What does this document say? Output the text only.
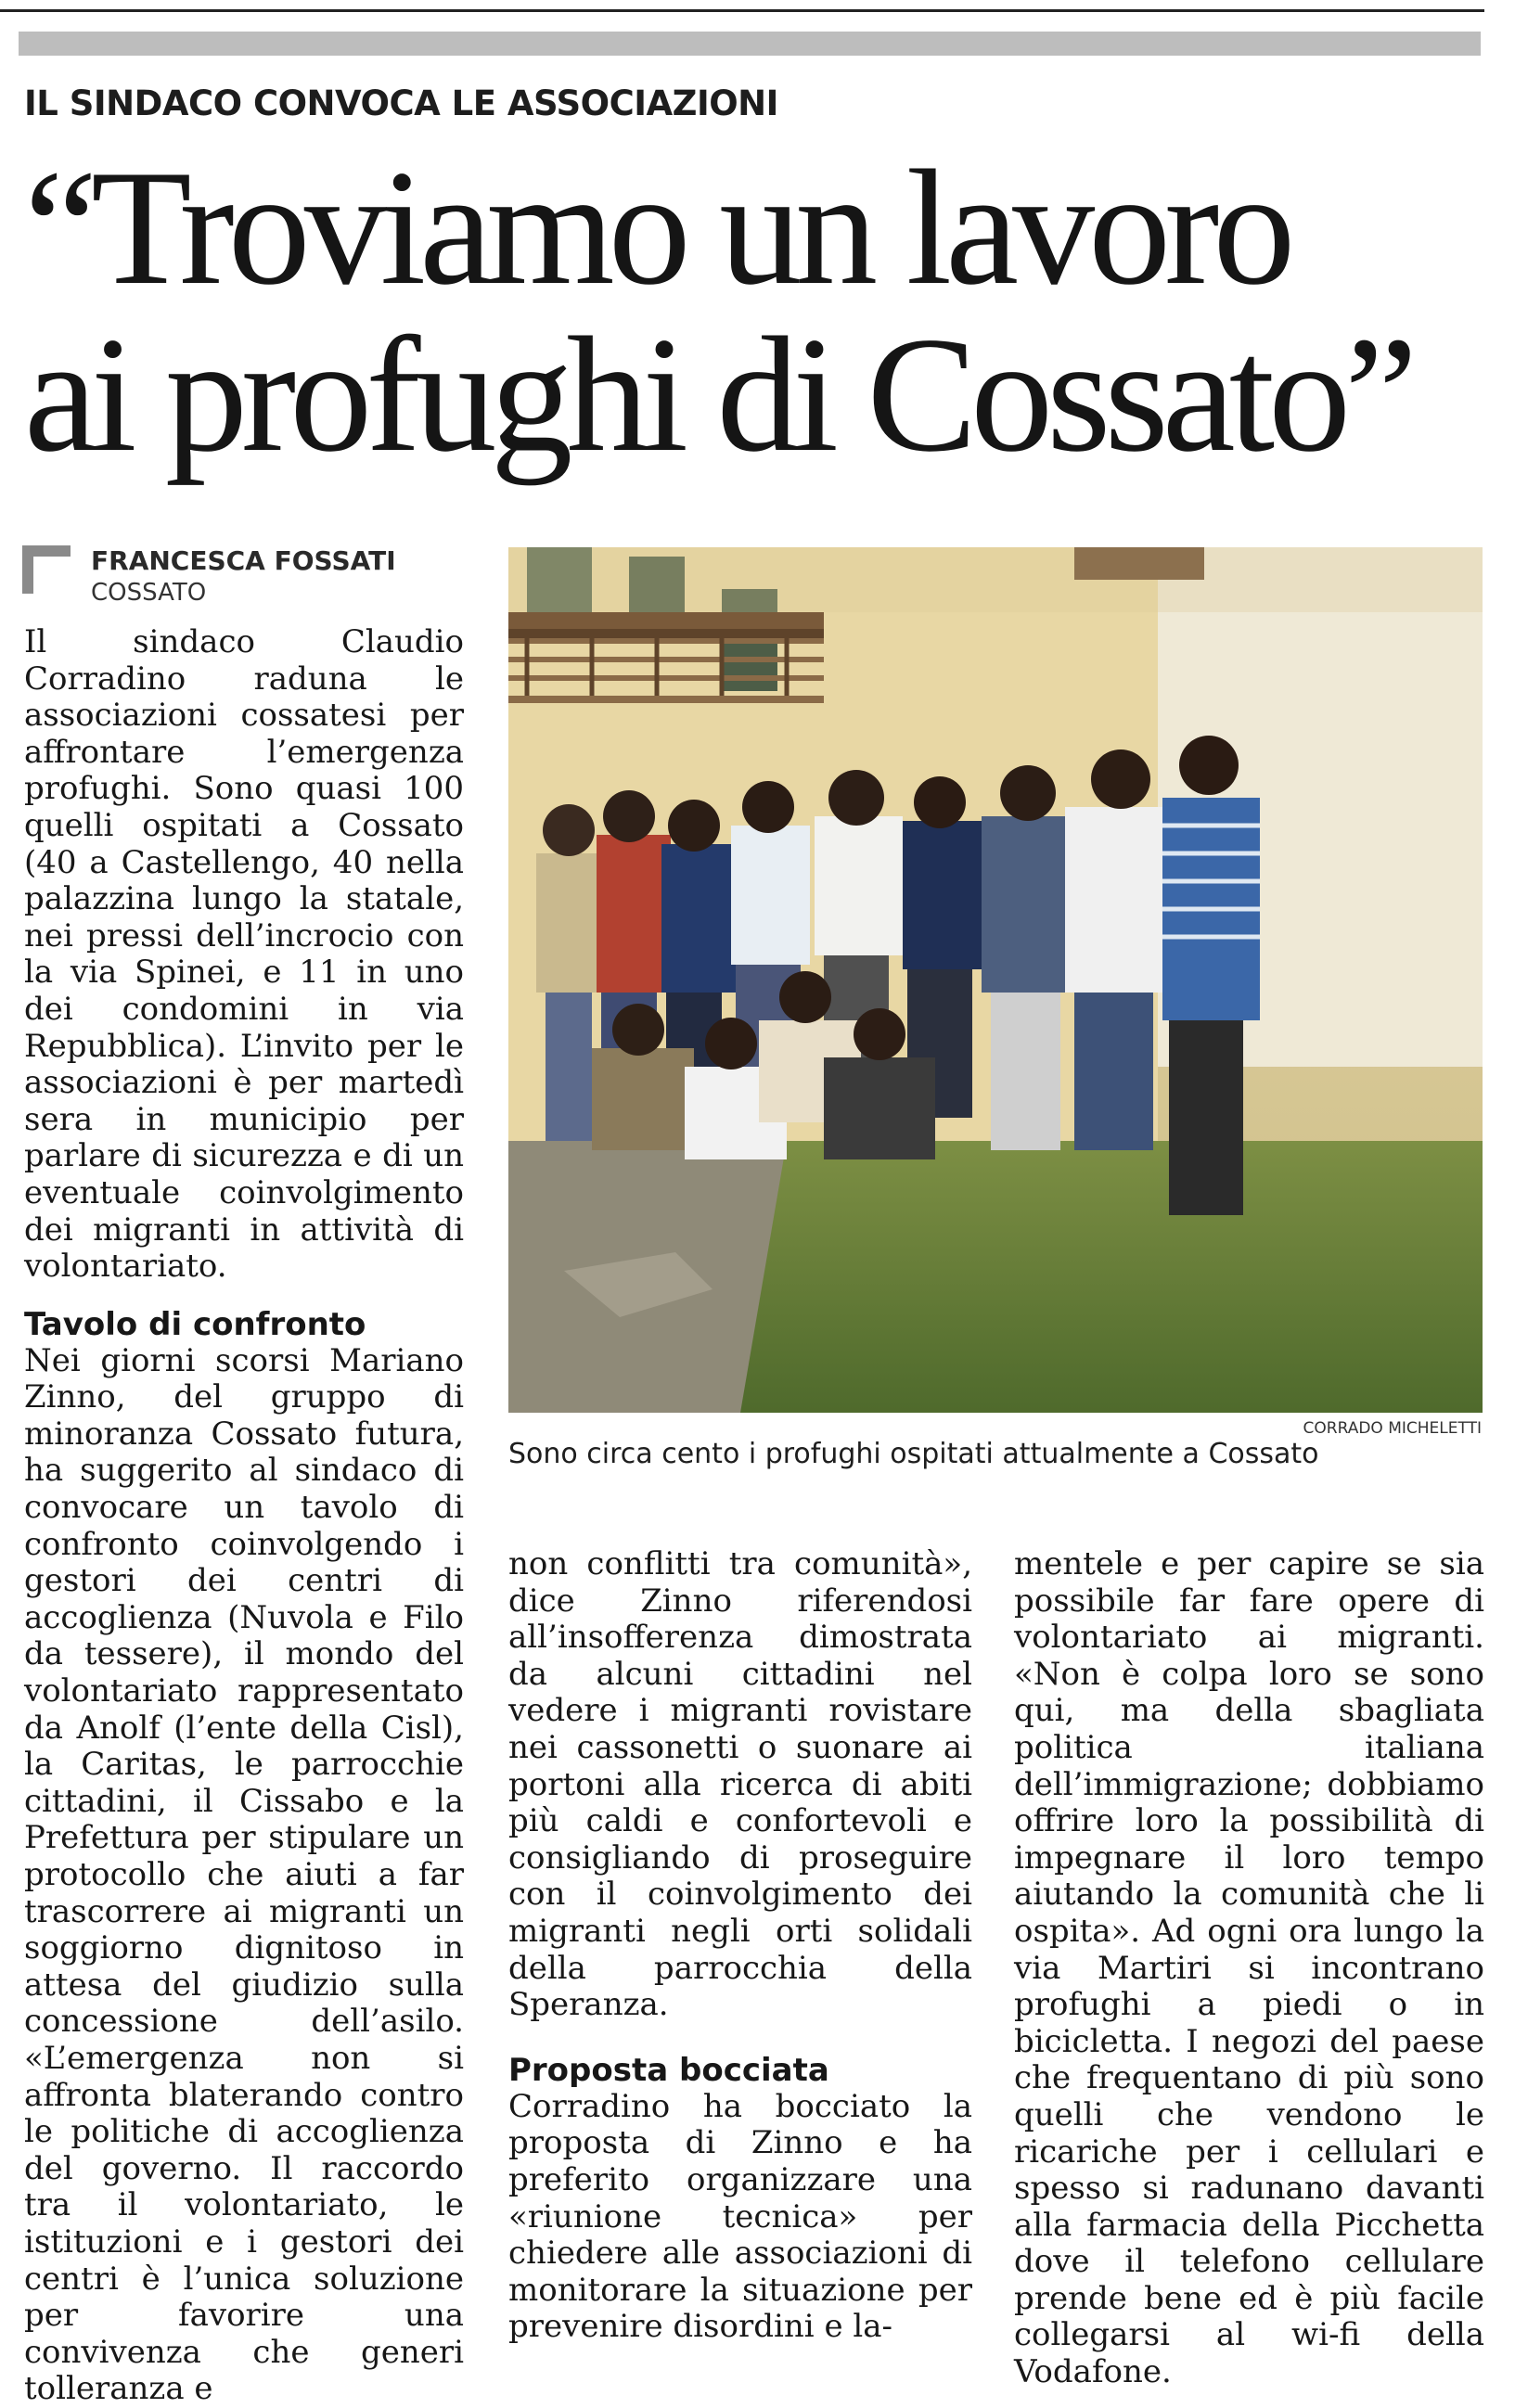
IL SINDACO CONVOCA LE ASSOCIAZIONI
“Troviamo un lavoro
ai profughi di Cossato”
FRANCESCA FOSSATI
COSSATO

Il sindaco Claudio Corradino raduna le associazioni cossatesi per affrontare l’emergenza profughi. Sono quasi 100 quelli ospitati a Cossato (40 a Castellengo, 40 nella palazzina lungo la statale, nei pressi dell’incrocio con la via Spinei, e 11 in uno dei condomini in via Repubblica). L’invito per le associazioni è per martedì sera in municipio per parlare di sicurezza e di un eventuale coinvolgimento dei migranti in attività di volontariato.

Tavolo di confronto

Nei giorni scorsi Mariano Zinno, del gruppo di minoranza Cossato futura, ha suggerito al sindaco di convocare un tavolo di confronto coinvolgendo i gestori dei centri di accoglienza (Nuvola e Filo da tessere), il mondo del volontariato rappresentato da Anolf (l’ente della Cisl), la Caritas, le parrocchie cittadini, il Cissabo e la Prefettura per stipulare un protocollo che aiuti a far trascorrere ai migranti un soggiorno dignitoso in attesa del giudizio sulla concessione dell’asilo. «L’emergenza non si affronta blaterando contro le politiche di accoglienza del governo. Il raccordo tra il volontariato, le istituzioni e i gestori dei centri è l’unica soluzione per favorire una convivenza che generi tolleranza e

CORRADO MICHELETTI
Sono circa cento i profughi ospitati attualmente a Cossato

non conflitti tra comunità», dice Zinno riferendosi all’insofferenza dimostrata da alcuni cittadini nel vedere i migranti rovistare nei cassonetti o suonare ai portoni alla ricerca di abiti più caldi e confortevoli e consigliando di proseguire con il coinvolgimento dei migranti negli orti solidali della parrocchia della Speranza.

Proposta bocciata

Corradino ha bocciato la proposta di Zinno e ha preferito organizzare una «riunione tecnica» per chiedere alle associazioni di monitorare la situazione per prevenire disordini e la-

mentele e per capire se sia possibile far fare opere di volontariato ai migranti. «Non è colpa loro se sono qui, ma della sbagliata politica italiana dell’immigrazione; dobbiamo offrire loro la possibilità di impegnare il loro tempo aiutando la comunità che li ospita». Ad ogni ora lungo la via Martiri si incontrano profughi a piedi o in bicicletta. I negozi del paese che frequentano di più sono quelli che vendono le ricariche per i cellulari e spesso si radunano davanti alla farmacia della Picchetta dove il telefono cellulare prende bene ed è più facile collegarsi al wi-fi della Vodafone.
